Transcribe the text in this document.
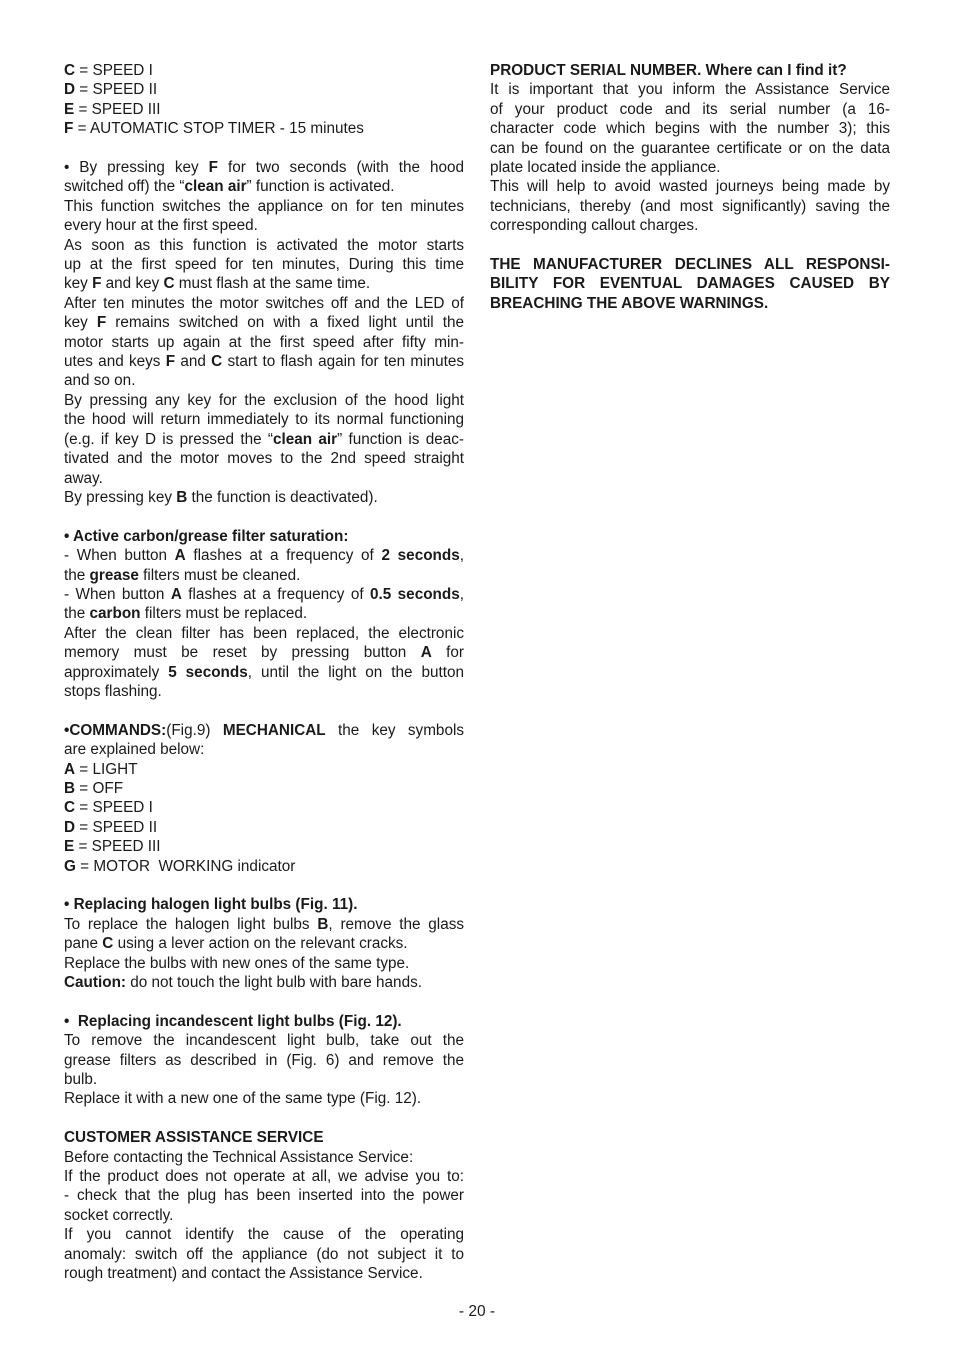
C = SPEED I
D = SPEED II
E = SPEED III
F = AUTOMATIC STOP TIMER - 15 minutes
• By pressing key F for two seconds (with the hood
switched off) the “clean air” function is activated.
This function switches the appliance on for ten minutes
every hour at the first speed.
As soon as this function is activated the motor starts
up at the first speed for ten minutes, During this time
key F and key C must flash at the same time.
After ten minutes the motor switches off and the LED of
key F remains switched on with a fixed light until the
motor starts up again at the first speed after fifty min-
utes and keys F and C start to flash again for ten minutes
and so on.
By pressing any key for the exclusion of the hood light
the hood will return immediately to its normal functioning
(e.g. if key D is pressed the “clean air” function is deac-
tivated and the motor moves to the 2nd speed straight
away.
By pressing key B the function is deactivated).
• Active carbon/grease filter saturation:
- When button A flashes at a frequency of 2 seconds,
the grease filters must be cleaned.
- When button A flashes at a frequency of 0.5 seconds,
the carbon filters must be replaced.
After the clean filter has been replaced, the electronic
memory must be reset by pressing button A for
approximately 5 seconds, until the light on the button
stops flashing.
•COMMANDS:(Fig.9) MECHANICAL the key symbols
are explained below:
A = LIGHT
B = OFF
C = SPEED I
D = SPEED II
E = SPEED III
G = MOTOR  WORKING indicator
• Replacing halogen light bulbs (Fig. 11).
To replace the halogen light bulbs B, remove the glass
pane C using a lever action on the relevant cracks.
Replace the bulbs with new ones of the same type.
Caution: do not touch the light bulb with bare hands.
•  Replacing incandescent light bulbs (Fig. 12).
To remove the incandescent light bulb, take out the
grease filters as described in (Fig. 6) and remove the
bulb.
Replace it with a new one of the same type (Fig. 12).
CUSTOMER ASSISTANCE SERVICE
Before contacting the Technical Assistance Service:
If the product does not operate at all, we advise you to:
- check that the plug has been inserted into the power
socket correctly.
If you cannot identify the cause of the operating
anomaly: switch off the appliance (do not subject it to
rough treatment) and contact the Assistance Service.
PRODUCT SERIAL NUMBER. Where can I find it?
It is important that you inform the Assistance Service
of your product code and its serial number (a 16-
character code which begins with the number 3); this
can be found on the guarantee certificate or on the data
plate located inside the appliance.
This will help to avoid wasted journeys being made by
technicians, thereby (and most significantly) saving the
corresponding callout charges.
THE MANUFACTURER DECLINES ALL RESPONSI-
BILITY FOR EVENTUAL DAMAGES CAUSED BY
BREACHING THE ABOVE WARNINGS.
- 20 -
